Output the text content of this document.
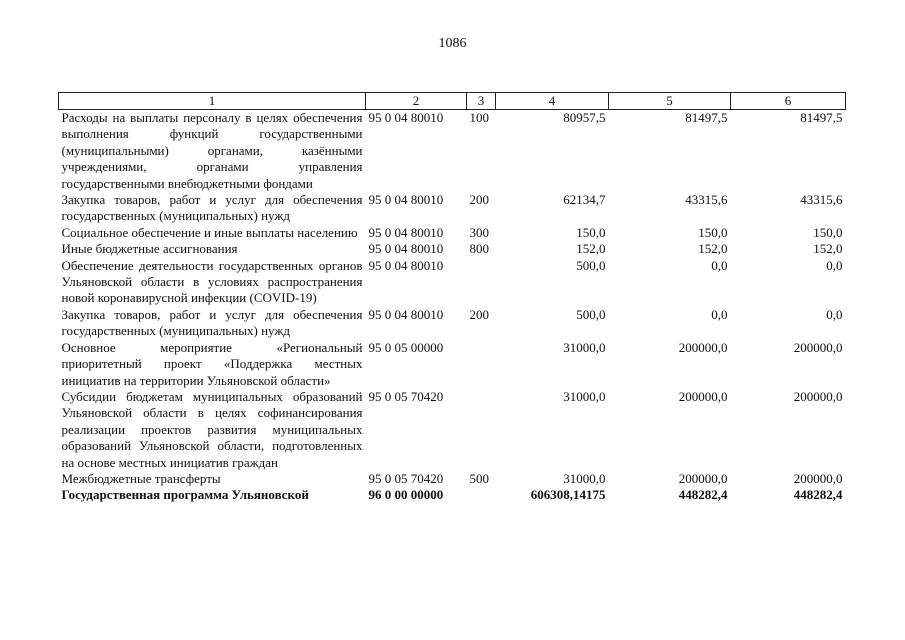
1086
1	2	3	4	5	6
Расходы на выплаты персоналу в целях обеспечения выполнения функций государственными (муниципальными) органами, казёнными учреждениями, органами управления государственными внебюджетными фондами	95 0 04 80010	100	80957,5	81497,5	81497,5
Закупка товаров, работ и услуг для обеспечения государственных (муниципальных) нужд	95 0 04 80010	200	62134,7	43315,6	43315,6
Социальное обеспечение и иные выплаты населению	95 0 04 80010	300	150,0	150,0	150,0
Иные бюджетные ассигнования	95 0 04 80010	800	152,0	152,0	152,0
Обеспечение деятельности государственных органов Ульяновской области в условиях распространения новой коронавирусной инфекции (COVID-19)	95 0 04 80010		500,0	0,0	0,0
Закупка товаров, работ и услуг для обеспечения государственных (муниципальных) нужд	95 0 04 80010	200	500,0	0,0	0,0
Основное мероприятие «Региональный приоритетный проект «Поддержка местных инициатив на территории Ульяновской области»	95 0 05 00000		31000,0	200000,0	200000,0
Субсидии бюджетам муниципальных образований Ульяновской области в целях софинансирования реализации проектов развития муниципальных образований Ульяновской области, подготовленных на основе местных инициатив граждан	95 0 05 70420		31000,0	200000,0	200000,0
Межбюджетные трансферты	95 0 05 70420	500	31000,0	200000,0	200000,0
Государственная программа Ульяновской	96 0 00 00000		606308,14175	448282,4	448282,4
